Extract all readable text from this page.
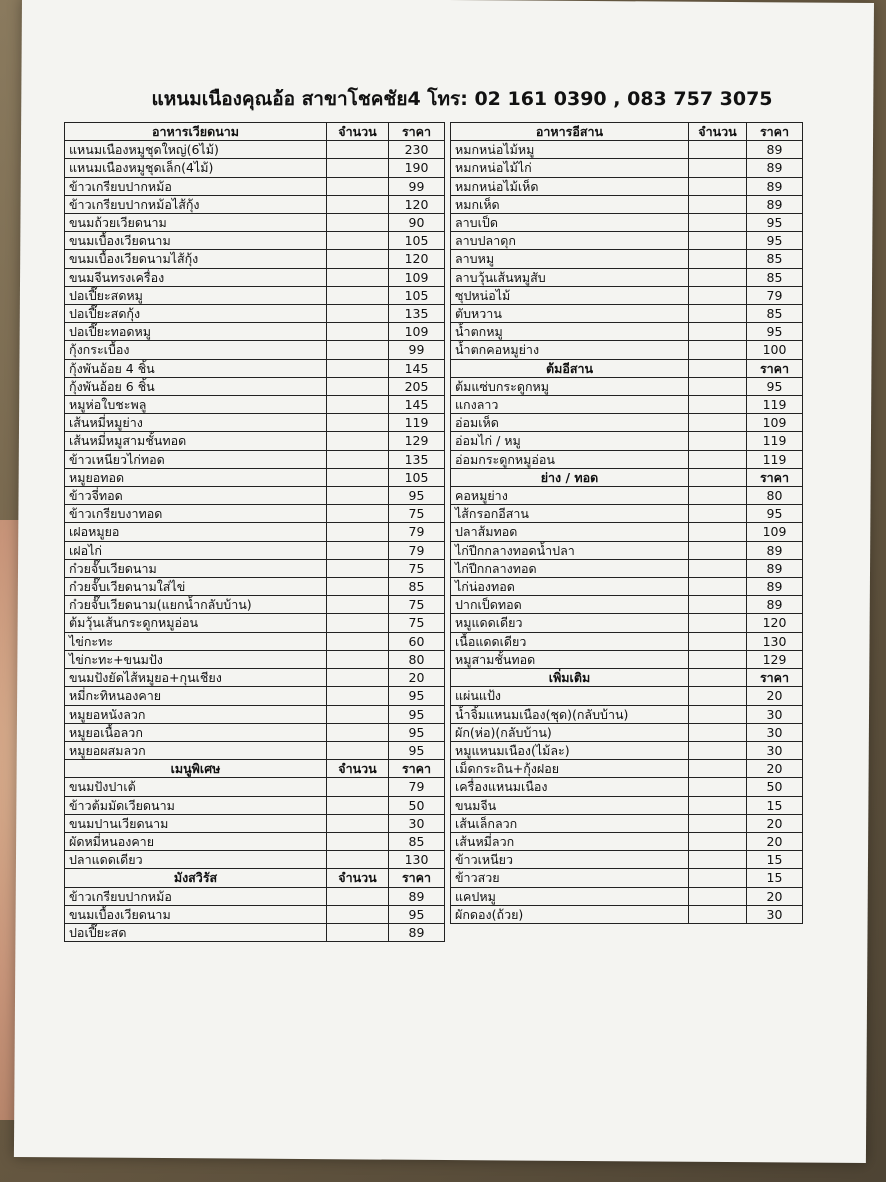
แหนมเนืองคุณอ้อ สาขาโชคชัย4 โทร: 02 161 0390 , 083 757 3075
อาหารเวียดนาม	จำนวน	ราคา
แหนมเนืองหมูชุดใหญ่(6ไม้)		230
แหนมเนืองหมูชุดเล็ก(4ไม้)		190
ข้าวเกรียบปากหม้อ		99
ข้าวเกรียบปากหม้อไส้กุ้ง		120
ขนมถ้วยเวียดนาม		90
ขนมเบื้องเวียดนาม		105
ขนมเบื้องเวียดนามไส้กุ้ง		120
ขนมจีนทรงเครื่อง		109
ปอเปี๊ยะสดหมู		105
ปอเปี๊ยะสดกุ้ง		135
ปอเปี๊ยะทอดหมู		109
กุ้งกระเบื้อง		99
กุ้งพันอ้อย 4 ชิ้น		145
กุ้งพันอ้อย 6 ชิ้น		205
หมูห่อใบชะพลู		145
เส้นหมี่หมูย่าง		119
เส้นหมี่หมูสามชั้นทอด		129
ข้าวเหนียวไก่ทอด		135
หมูยอทอด		105
ข้าวจี่ทอด		95
ข้าวเกรียบงาทอด		75
เฝอหมูยอ		79
เฝอไก่		79
ก๋วยจั๊บเวียดนาม		75
ก๋วยจั๊บเวียดนามใส่ไข่		85
ก๋วยจั๊บเวียดนาม(แยกน้ำกลับบ้าน)		75
ต้มวุ้นเส้นกระดูกหมูอ่อน		75
ไข่กะทะ		60
ไข่กะทะ+ขนมปัง		80
ขนมปังยัดไส้หมูยอ+กุนเชียง		20
หมี่กะทิหนองคาย		95
หมูยอหนังลวก		95
หมูยอเนื้อลวก		95
หมูยอผสมลวก		95
เมนูพิเศษ	จำนวน	ราคา
ขนมปังปาเต้		79
ข้าวต้มมัดเวียดนาม		50
ขนมปานเวียดนาม		30
ผัดหมี่หนองคาย		85
ปลาแดดเดียว		130
มังสวิรัส	จำนวน	ราคา
ข้าวเกรียบปากหม้อ		89
ขนมเบื้องเวียดนาม		95
ปอเปี๊ยะสด		89
อาหารอีสาน	จำนวน	ราคา
หมกหน่อไม้หมู		89
หมกหน่อไม้ไก่		89
หมกหน่อไม้เห็ด		89
หมกเห็ด		89
ลาบเป็ด		95
ลาบปลาดุก		95
ลาบหมู		85
ลาบวุ้นเส้นหมูสับ		85
ซุปหน่อไม้		79
ตับหวาน		85
น้ำตกหมู		95
น้ำตกคอหมูย่าง		100
ต้มอีสาน		ราคา
ต้มแซ่บกระดูกหมู		95
แกงลาว		119
อ่อมเห็ด		109
อ่อมไก่ / หมู		119
อ่อมกระดูกหมูอ่อน		119
ย่าง / ทอด		ราคา
คอหมูย่าง		80
ไส้กรอกอีสาน		95
ปลาส้มทอด		109
ไก่ปีกกลางทอดน้ำปลา		89
ไก่ปีกกลางทอด		89
ไก่น่องทอด		89
ปากเป็ดทอด		89
หมูแดดเดียว		120
เนื้อแดดเดียว		130
หมูสามชั้นทอด		129
เพิ่มเติม		ราคา
แผ่นแป้ง		20
น้ำจิ้มแหนมเนือง(ชุด)(กลับบ้าน)		30
ผัก(ห่อ)(กลับบ้าน)		30
หมูแหนมเนือง(ไม้ละ)		30
เม็ดกระถิน+กุ้งฝอย		20
เครื่องแหนมเนือง		50
ขนมจีน		15
เส้นเล็กลวก		20
เส้นหมี่ลวก		20
ข้าวเหนียว		15
ข้าวสวย		15
แคปหมู		20
ผักดอง(ถ้วย)		30
